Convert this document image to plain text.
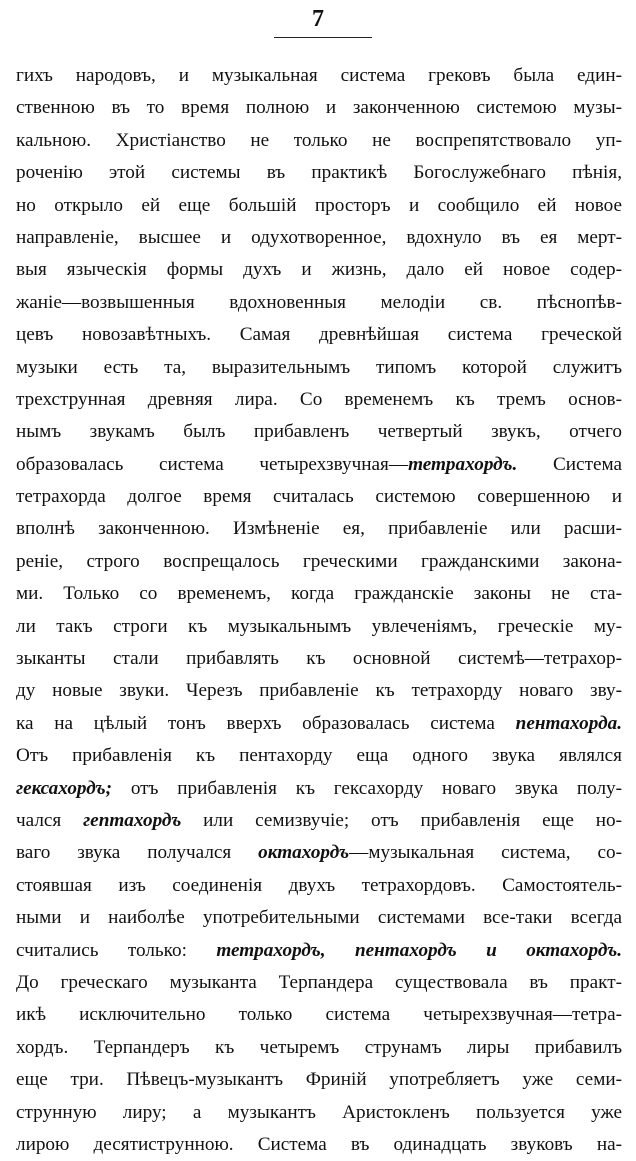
7
гихъ народовъ, и музыкальная система грековъ была един-
ственною въ то время полною и законченною системою музы-
кальною. Христіанство не только не воспрепятствовало уп-
роченію этой системы въ практикѣ Богослужебнаго пѣнія,
но открыло ей еще большій просторъ и сообщило ей новое
направленіе, высшее и одухотворенное, вдохнуло въ ея мерт-
выя языческія формы духъ и жизнь, дало ей новое содер-
жаніе—возвышенныя вдохновенныя мелодіи св. пѣснопѣв-
цевъ новозавѣтныхъ. Самая древнѣйшая система греческой
музыки есть та, выразительнымъ типомъ которой служитъ
трехструнная древняя лира. Со временемъ къ тремъ основ-
нымъ звукамъ былъ прибавленъ четвертый звукъ, отчего
образовалась система четырехзвучная—тетрахордъ. Система
тетрахорда долгое время считалась системою совершенною и
вполнѣ законченною. Измѣненіе ея, прибавленіе или расши-
реніе, строго воспрещалось греческими гражданскими закона-
ми. Только со временемъ, когда гражданскіе законы не ста-
ли такъ строги къ музыкальнымъ увлеченіямъ, греческіе му-
зыканты стали прибавлять къ основной системѣ—тетрахор-
ду новые звуки. Черезъ прибавленіе къ тетрахорду новаго зву-
ка на цѣлый тонъ вверхъ образовалась система пентахорда.
Отъ прибавленія къ пентахорду еща одного звука являлся
гексахордъ; отъ прибавленія къ гексахорду новаго звука полу-
чался гептахордъ или семизвучіе; отъ прибавленія еще но-
ваго звука получался октахордъ—музыкальная система, со-
стоявшая изъ соединенія двухъ тетрахордовъ. Самостоятель-
ными и наиболѣе употребительными системами все-таки всегда
считались только: тетрахордъ, пентахордъ и октахордъ.
До греческаго музыканта Терпандера существовала въ практ-
икѣ исключительно только система четырехзвучная—тетра-
хордъ. Терпандеръ къ четыремъ струнамъ лиры прибавилъ
еще три. Пѣвецъ-музыкантъ Фриній употребляетъ уже семи-
струнную лиру; а музыкантъ Аристокленъ пользуется уже
лирою десятиструнною. Система въ одинадцать звуковъ на-
